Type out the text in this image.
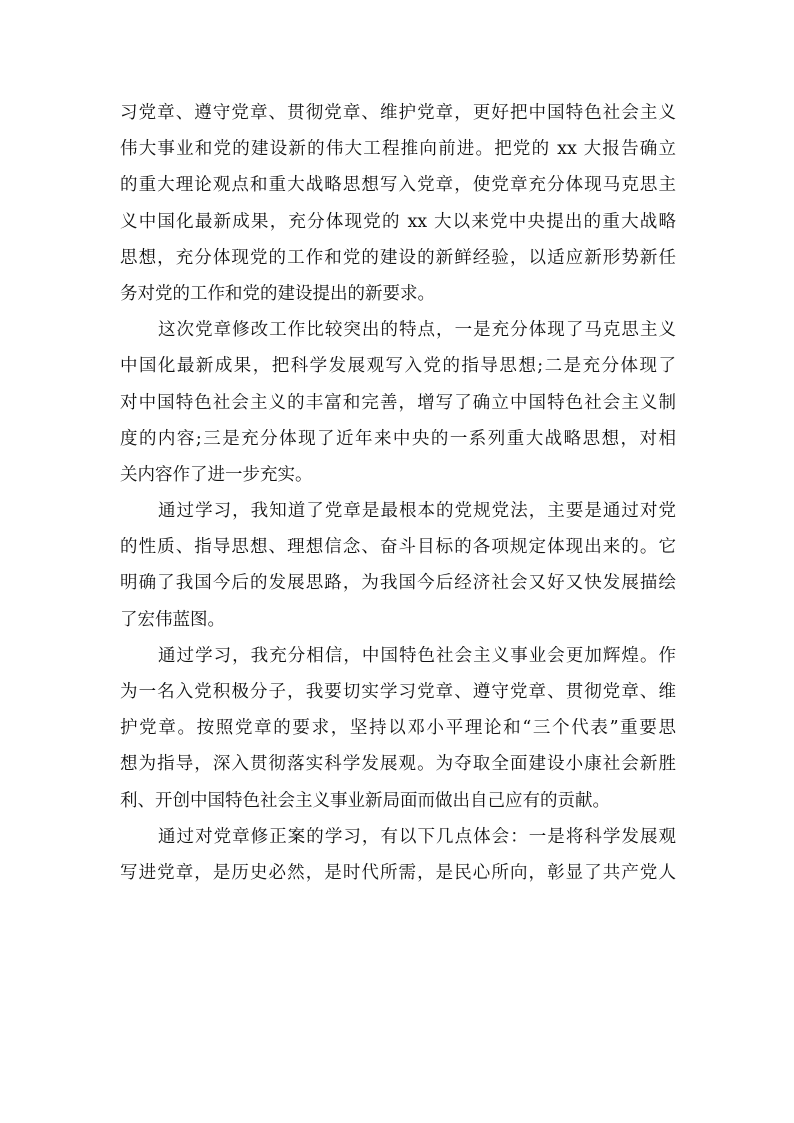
习党章、遵守党章、贯彻党章、维护党章，更好把中国特色社会主义
伟大事业和党的建设新的伟大工程推向前进。把党的 xx 大报告确立
的重大理论观点和重大战略思想写入党章，使党章充分体现马克思主
义中国化最新成果，充分体现党的 xx 大以来党中央提出的重大战略
思想，充分体现党的工作和党的建设的新鲜经验，以适应新形势新任
务对党的工作和党的建设提出的新要求。
这次党章修改工作比较突出的特点，一是充分体现了马克思主义
中国化最新成果，把科学发展观写入党的指导思想;二是充分体现了
对中国特色社会主义的丰富和完善，增写了确立中国特色社会主义制
度的内容;三是充分体现了近年来中央的一系列重大战略思想，对相
关内容作了进一步充实。
通过学习，我知道了党章是最根本的党规党法，主要是通过对党
的性质、指导思想、理想信念、奋斗目标的各项规定体现出来的。它
明确了我国今后的发展思路，为我国今后经济社会又好又快发展描绘
了宏伟蓝图。
通过学习，我充分相信，中国特色社会主义事业会更加辉煌。作
为一名入党积极分子，我要切实学习党章、遵守党章、贯彻党章、维
护党章。按照党章的要求，坚持以邓小平理论和“三个代表”重要思
想为指导，深入贯彻落实科学发展观。为夺取全面建设小康社会新胜
利、开创中国特色社会主义事业新局面而做出自己应有的贡献。
通过对党章修正案的学习，有以下几点体会：一是将科学发展观
写进党章，是历史必然，是时代所需，是民心所向，彰显了共产党人
